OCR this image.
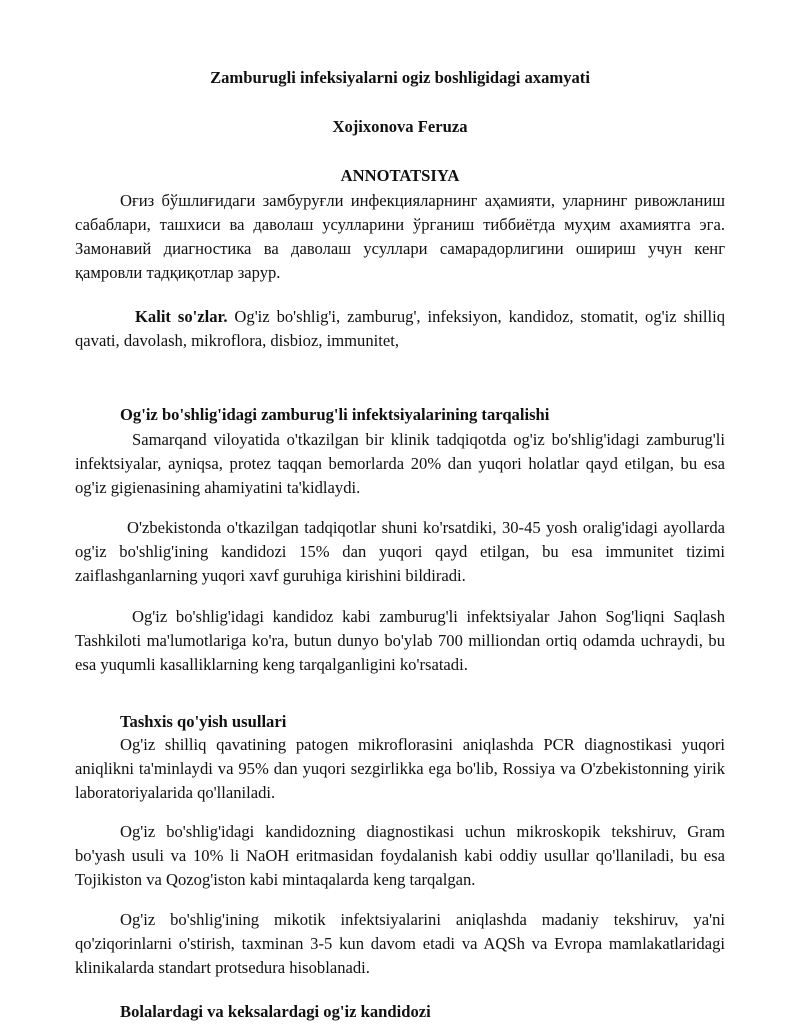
Zamburugli infeksiyalarni ogiz boshligidagi axamyati
Xojixonova Feruza
ANNOTATSIYA
Оғиз бўшлиғидаги замбуруғли инфекцияларнинг аҳамияти, уларнинг ривожланиш сабаблари, ташхиси ва даволаш усулларини ўрганиш тиббиётда муҳим ахамиятга эга. Замонавий диагностика ва даволаш усуллари самарадорлигини ошириш учун кенг қамровли тадқиқотлар зарур.
Kalit so'zlar. Og'iz bo'shlig'i, zamburug', infeksiyon, kandidoz, stomatit, og'iz shilliq qavati, davolash, mikroflora, disbioz, immunitet,
Og'iz bo'shlig'idagi zamburug'li infektsiyalarining tarqalishi
Samarqand viloyatida o'tkazilgan bir klinik tadqiqotda og'iz bo'shlig'idagi zamburug'li infektsiyalar, ayniqsa, protez taqqan bemorlarda 20% dan yuqori holatlar qayd etilgan, bu esa og'iz gigienasining ahamiyatini ta'kidlaydi.
O'zbekistonda o'tkazilgan tadqiqotlar shuni ko'rsatdiki, 30-45 yosh oralig'idagi ayollarda og'iz bo'shlig'ining kandidozi 15% dan yuqori qayd etilgan, bu esa immunitet tizimi zaiflashganlarning yuqori xavf guruhiga kirishini bildiradi.
Og'iz bo'shlig'idagi kandidoz kabi zamburug'li infektsiyalar Jahon Sog'liqni Saqlash Tashkiloti ma'lumotlariga ko'ra, butun dunyo bo'ylab 700 milliondan ortiq odamda uchraydi, bu esa yuqumli kasalliklarning keng tarqalganligini ko'rsatadi.
Tashxis qo'yish usullari
Og'iz shilliq qavatining patogen mikroflorasini aniqlashda PCR diagnostikasi yuqori aniqlikni ta'minlaydi va 95% dan yuqori sezgirlikka ega bo'lib, Rossiya va O'zbekistonning yirik laboratoriyalarida qo'llaniladi.
Og'iz bo'shlig'idagi kandidozning diagnostikasi uchun mikroskopik tekshiruv, Gram bo'yash usuli va 10% li NaOH eritmasidan foydalanish kabi oddiy usullar qo'llaniladi, bu esa Tojikiston va Qozog'iston kabi mintaqalarda keng tarqalgan.
Og'iz bo'shlig'ining mikotik infektsiyalarini aniqlashda madaniy tekshiruv, ya'ni qo'ziqorinlarni o'stirish, taxminan 3-5 kun davom etadi va AQSh va Evropa mamlakatlaridagi klinikalarda standart protsedura hisoblanadi.
Bolalardagi va keksalardagi og'iz kandidozi
